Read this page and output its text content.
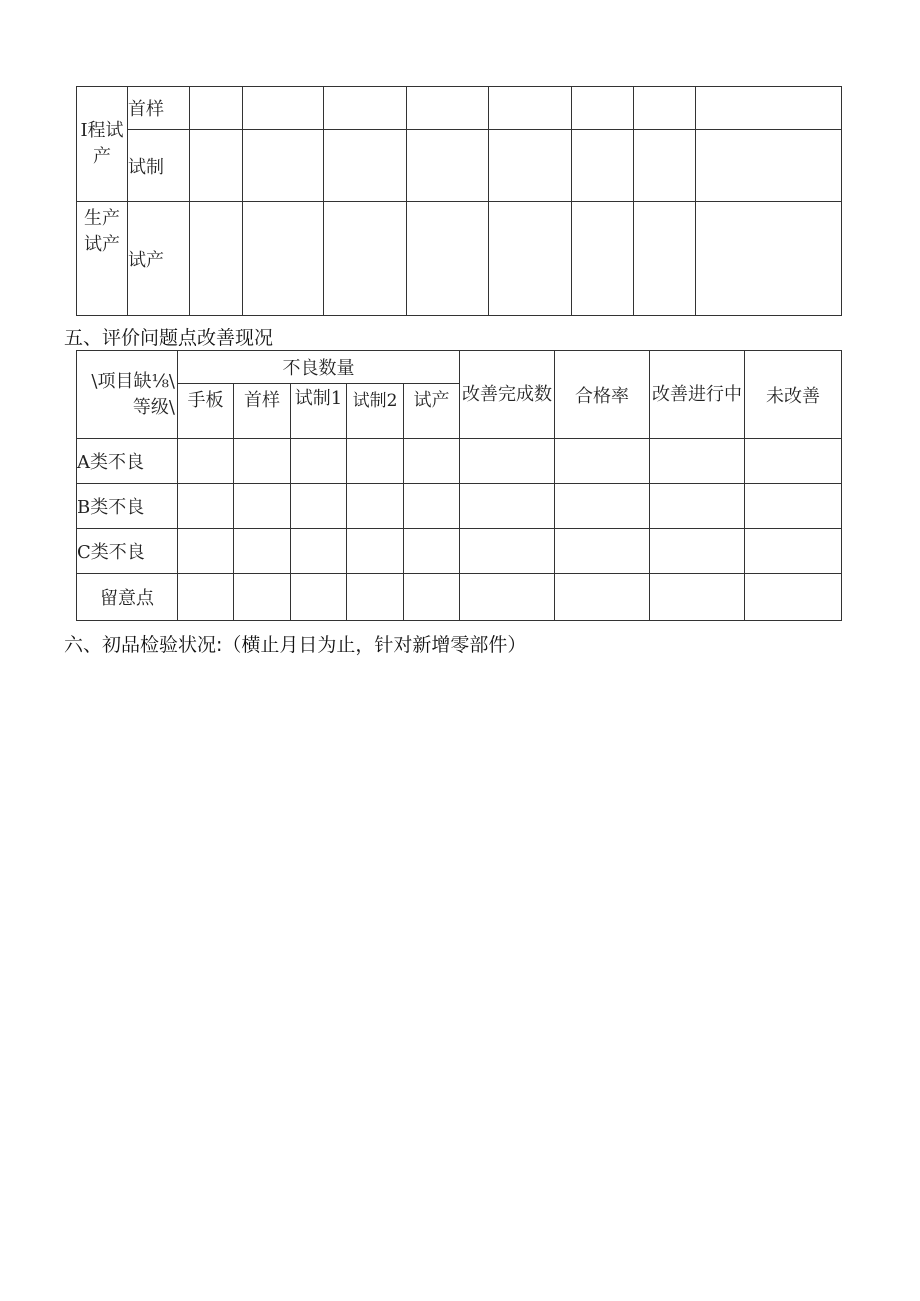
I程试产	首样								
	试制								
生产试产	试产								
五、评价问题点改善现况
\项目缺⅛\
等级\	不良数量					改善完成数	合格率	改善进行中	未改善
	手板	首样	试制1	试制2	试产				
A类不良									
B类不良									
C类不良									
留意点									
六、初品检验状况:（横止月日为止，针对新增零部件）
